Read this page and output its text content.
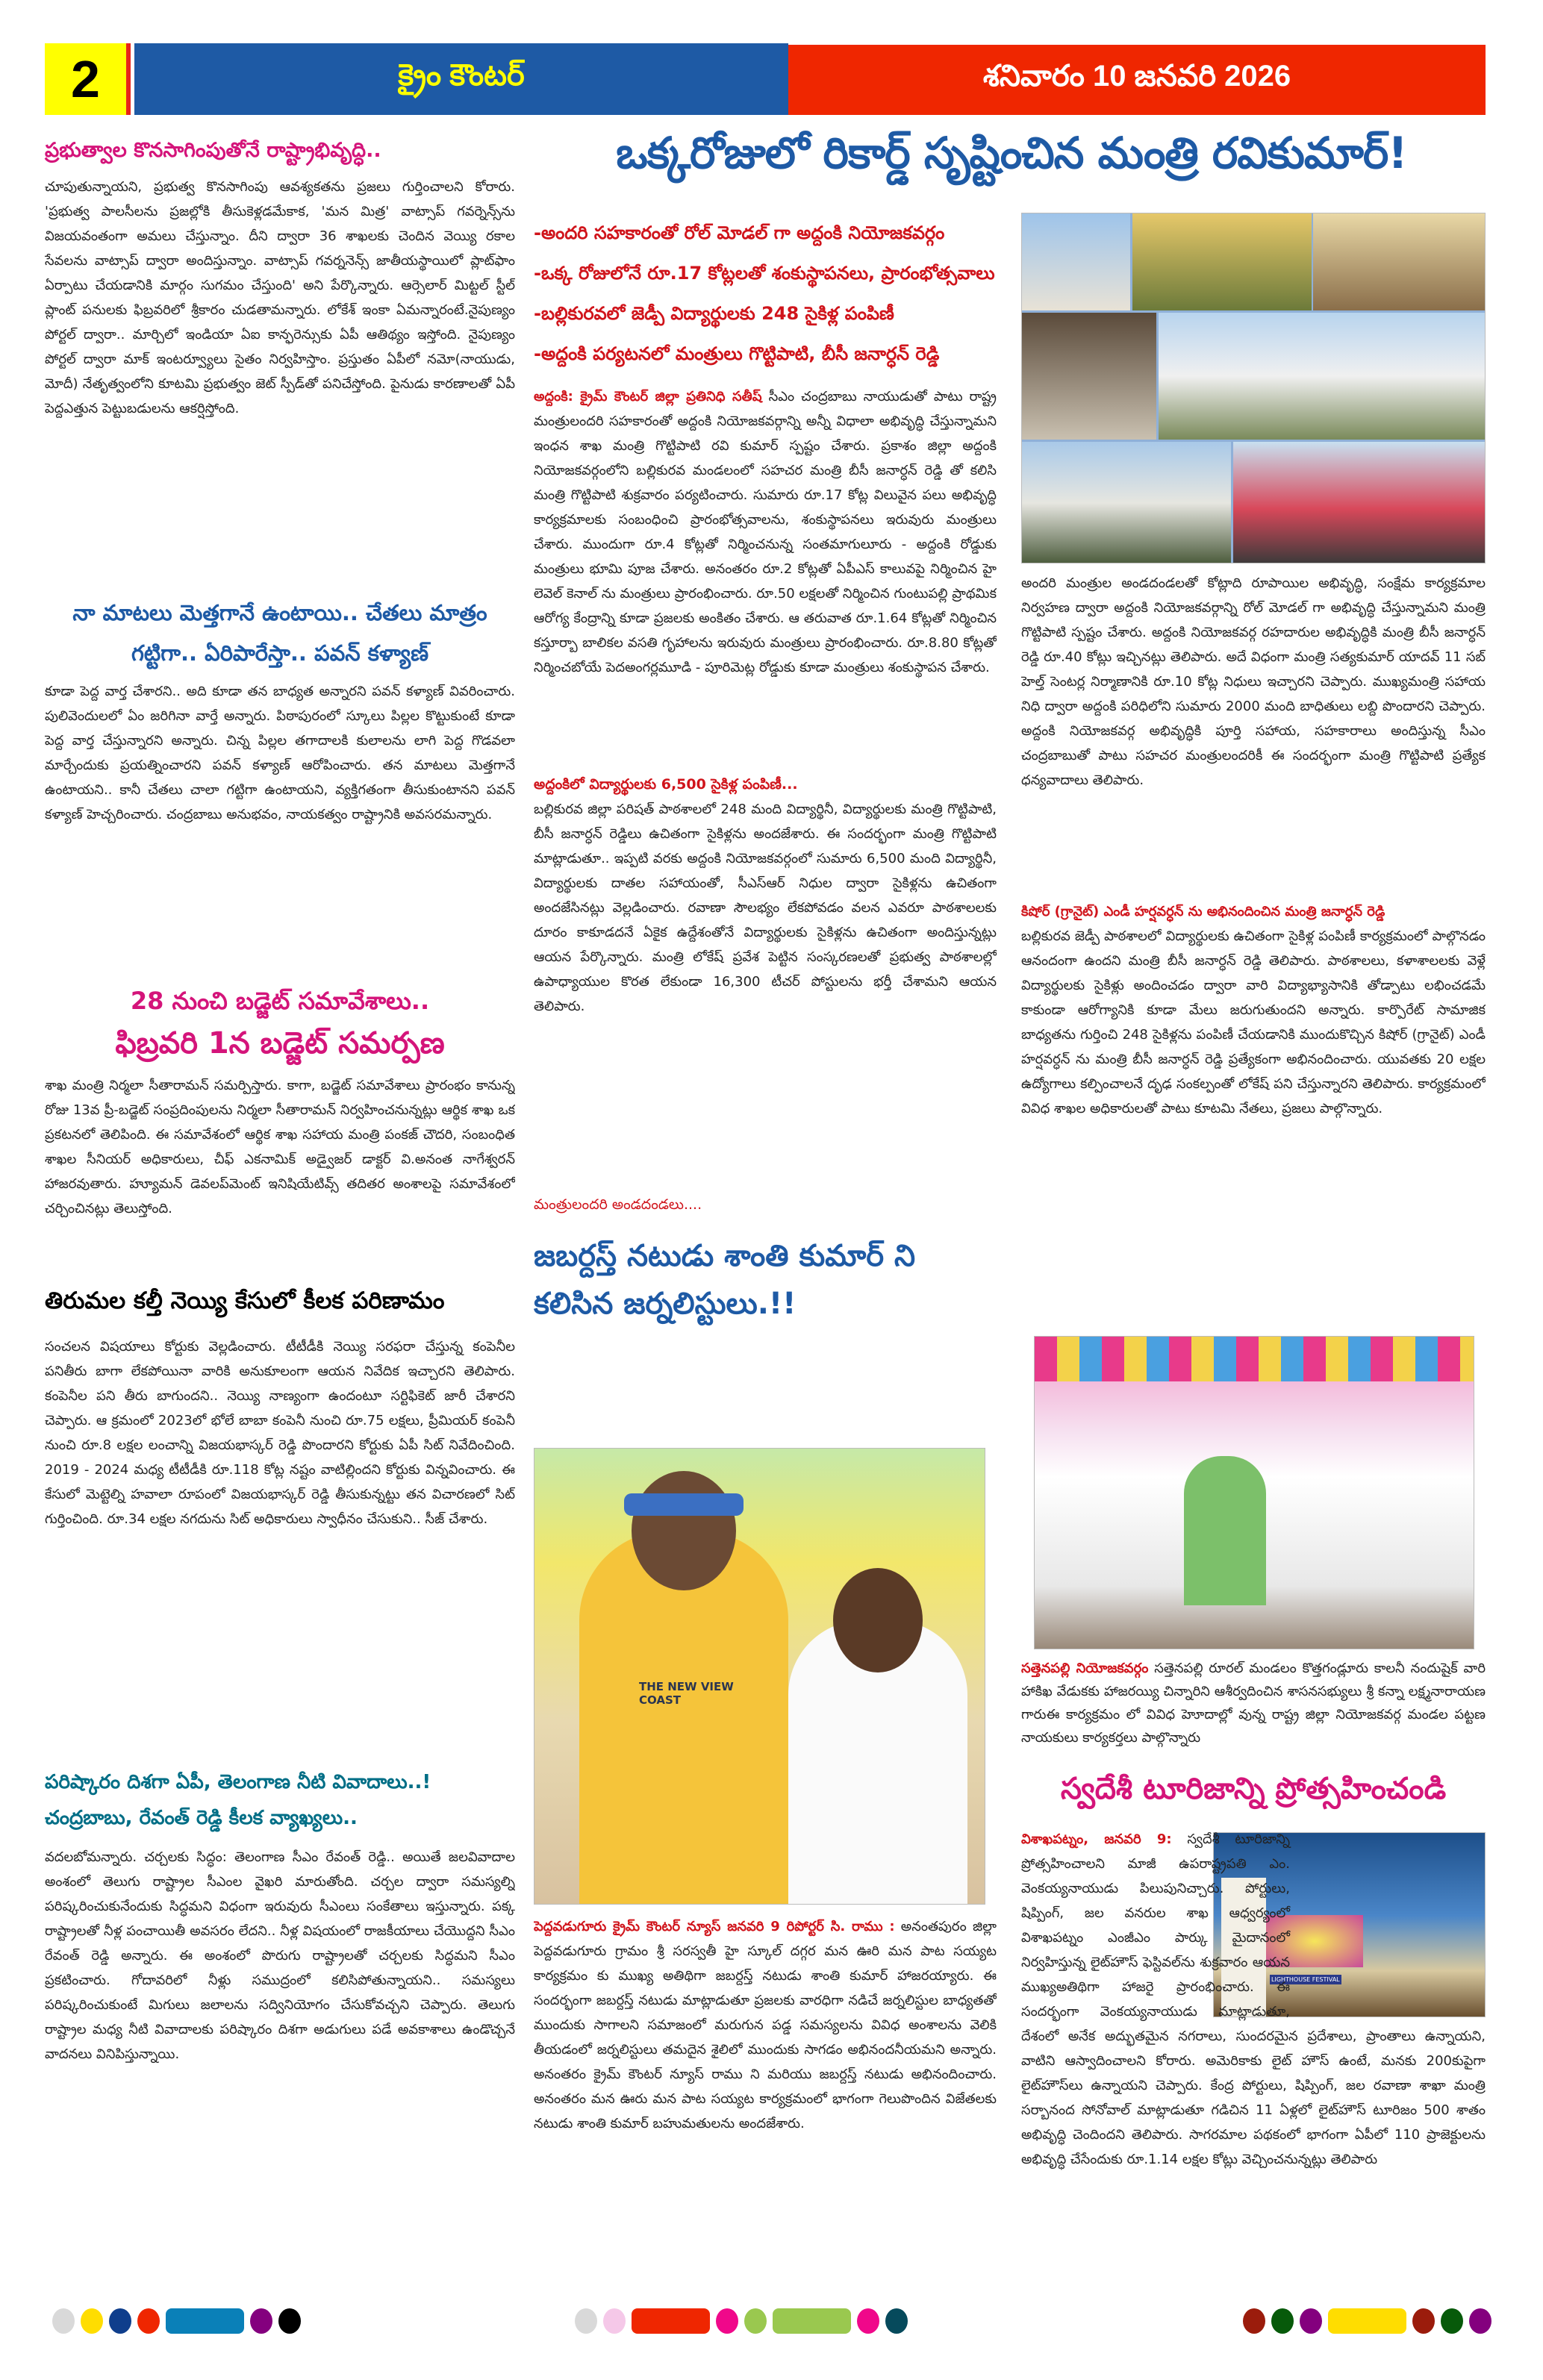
2	క్రైం కౌంటర్	శనివారం 10 జనవరి 2026
ఒక్కరోజులో రికార్డ్ సృష్టించిన మంత్రి రవికుమార్!
ప్రభుత్వాల కొనసాగింపుతోనే రాష్ట్రాభివృద్ధి..

చూపుతున్నాయని, ప్రభుత్వ కొనసాగింపు ఆవశ్యకతను ప్రజలు గుర్తించాలని కోరారు. 'ప్రభుత్వ పాలసీలను ప్రజల్లోకి తీసుకెళ్లడమేకాక, 'మన మిత్ర' వాట్సాప్ గవర్నెన్స్‌ను విజయవంతంగా అమలు చేస్తున్నాం. దీని ద్వారా 36 శాఖలకు చెందిన వెయ్యి రకాల సేవలను వాట్సాప్ ద్వారా అందిస్తున్నాం. వాట్సాప్ గవర్ననెన్స్ జాతీయస్థాయిలో ప్లాట్‌ఫాం ఏర్పాటు చేయడానికి మార్గం సుగమం చేస్తుంది' అని పేర్కొన్నారు. ఆర్సెలార్ మిట్టల్ స్టీల్ ప్లాంట్ పనులకు ఫిబ్రవరిలో శ్రీకారం చుడతామన్నారు. లోకేశ్ ఇంకా ఏమన్నారంటే.నైపుణ్యం పోర్టల్ ద్వారా.. మార్చిలో ఇండియా ఏఐ కాన్ఫరెన్సుకు ఏపీ ఆతిథ్యం ఇస్తోంది. నైపుణ్యం పోర్టల్ ద్వారా మాక్ ఇంటర్వ్యూలు సైతం నిర్వహిస్తాం. ప్రస్తుతం ఏపీలో నమో(నాయుడు, మోదీ) నేతృత్వంలోని కూటమి ప్రభుత్వం జెట్ స్పీడ్‌తో పనిచేస్తోంది. పైనుడు కారణాలతో ఏపీ పెద్దఎత్తున పెట్టుబడులను ఆకర్షిస్తోంది.

నా మాటలు మెత్తగానే ఉంటాయి.. చేతలు మాత్రం గట్టిగా.. ఏరిపారేస్తా.. పవన్ కళ్యాణ్

కూడా పెద్ద వార్త చేశారని.. అది కూడా తన బాధ్యత అన్నారని పవన్ కళ్యాణ్ వివరించారు. పులివెందులలో ఏం జరిగినా వార్తే అన్నారు. పిఠాపురంలో స్కూలు పిల్లల కొట్టుకుంటే కూడా పెద్ద వార్త చేస్తున్నారని అన్నారు. చిన్న పిల్లల తగాదాలకి కులాలను లాగి పెద్ద గొడవలా మార్చేందుకు ప్రయత్నించారని పవన్ కళ్యాణ్ ఆరోపించారు. తన మాటలు మెత్తగానే ఉంటాయని.. కానీ చేతలు చాలా గట్టిగా ఉంటాయని, వ్యక్తిగతంగా తీసుకుంటానని పవన్ కళ్యాణ్ హెచ్చరించారు. చంద్రబాబు అనుభవం, నాయకత్వం రాష్ట్రానికి అవసరమన్నారు.

28 నుంచి బడ్జెట్ సమావేశాలు..
ఫిబ్రవరి 1న బడ్జెట్ సమర్పణ

శాఖ మంత్రి నిర్మలా సీతారామన్ సమర్పిస్తారు. కాగా, బడ్జెట్ సమావేశాలు ప్రారంభం కానున్న రోజు 13వ ప్రీ-బడ్జెట్ సంప్రదింపులను నిర్మలా సీతారామన్ నిర్వహించనున్నట్లు ఆర్థిక శాఖ ఒక ప్రకటనలో తెలిపింది. ఈ సమావేశంలో ఆర్థిక శాఖ సహాయ మంత్రి పంకజ్ చౌదరి, సంబంధిత శాఖల సీనియర్ అధికారులు, చీఫ్ ఎకనామిక్ అడ్వైజర్ డాక్టర్ వి.అనంత నాగేశ్వరన్ హాజరవుతారు. హ్యూమన్ డెవలప్‌మెంట్ ఇనిషియేటివ్స్ తదితర అంశాలపై సమావేశంలో చర్చించినట్లు తెలుస్తోంది.

తిరుమల కల్తీ నెయ్యి కేసులో కీలక పరిణామం

సంచలన విషయాలు కోర్టుకు వెల్లడించారు. టీటీడీకి నెయ్యి సరఫరా చేస్తున్న కంపెనీల పనితీరు బాగా లేకపోయినా వారికి అనుకూలంగా ఆయన నివేదిక ఇచ్చారని తెలిపారు. కంపెనీల పని తీరు బాగుందని.. నెయ్యి నాణ్యంగా ఉందంటూ సర్టిఫికెట్ జారీ చేశారని చెప్పారు. ఆ క్రమంలో 2023లో భోలే బాబా కంపెనీ నుంచి రూ.75 లక్షలు, ప్రీమియర్ కంపెనీ నుంచి రూ.8 లక్షల లంచాన్ని విజయభాస్కర్ రెడ్డి పొందారని కోర్టుకు ఏపీ సిట్ నివేదించింది. 2019 - 2024 మధ్య టీటీడీకి రూ.118 కోట్ల నష్టం వాటిల్లిందని కోర్టుకు విన్నవించారు. ఈ కేసులో మెట్టెల్ని హవాలా రూపంలో విజయభాస్కర్ రెడ్డి తీసుకున్నట్టు తన విచారణలో సిట్ గుర్తించింది. రూ.34 లక్షల నగదును సిట్ అధికారులు స్వాధీనం చేసుకుని.. సీజ్ చేశారు.

పరిష్కారం దిశగా ఏపీ, తెలంగాణ నీటి వివాదాలు..!
చంద్రబాబు, రేవంత్ రెడ్డి కీలక వ్యాఖ్యలు..

వదలబోమన్నారు. చర్చలకు సిద్ధం: తెలంగాణ సీఎం రేవంత్ రెడ్డి.. అయితే జలవివాదాల అంశంలో తెలుగు రాష్ట్రాల సీఎంల వైఖరి మారుతోంది. చర్చల ద్వారా సమస్యల్ని పరిష్కరించుకునేందుకు సిద్ధమని విధంగా ఇరువురు సీఎంలు సంకేతాలు ఇస్తున్నారు. పక్క రాష్ట్రాలతో నీళ్ల పంచాయితీ అవసరం లేదని.. నీళ్ల విషయంలో రాజకీయాలు చేయొద్దని సీఎం రేవంత్ రెడ్డి అన్నారు. ఈ అంశంలో పొరుగు రాష్ట్రాలతో చర్చలకు సిద్ధమని సీఎం ప్రకటించారు. గోదావరిలో నీళ్లు సముద్రంలో కలిసిపోతున్నాయని.. సమస్యలు పరిష్కరించుకుంటే మిగులు జలాలను సద్వినియోగం చేసుకోవచ్చని చెప్పారు. తెలుగు రాష్ట్రాల మధ్య నీటి వివాదాలకు పరిష్కారం దిశగా అడుగులు పడే అవకాశాలు ఉండొచ్చనే వాదనలు వినిపిస్తున్నాయి.

-అందరి సహకారంతో రోల్ మోడల్ గా అద్దంకి నియోజకవర్గం
-ఒక్క రోజులోనే రూ.17 కోట్లలతో శంకుస్థాపనలు, ప్రారంభోత్సవాలు
-బల్లికురవలో జెడ్పీ విద్యార్థులకు 248 సైకిళ్ల పంపిణీ
-అద్దంకి పర్యటనలో మంత్రులు గొట్టిపాటి, బీసీ జనార్ధన్ రెడ్డి

అద్దంకి: క్రైమ్ కౌంటర్ జిల్లా ప్రతినిధి సతీష్ సీఎం చంద్రబాబు నాయుడుతో పాటు రాష్ట్ర మంత్రులందరి సహకారంతో అద్దంకి నియోజకవర్గాన్ని అన్నీ విధాలా అభివృద్ధి చేస్తున్నామని ఇంధన శాఖ మంత్రి గొట్టిపాటి రవి కుమార్ స్పష్టం చేశారు. ప్రకాశం జిల్లా అద్దంకి నియోజకవర్గంలోని బల్లికురవ మండలంలో సహచర మంత్రి బీసీ జనార్ధన్ రెడ్డి తో కలిసి మంత్రి గొట్టిపాటి శుక్రవారం పర్యటించారు. సుమారు రూ.17 కోట్ల విలువైన పలు అభివృద్ధి కార్యక్రమాలకు సంబంధించి ప్రారంభోత్సవాలను, శంకుస్థాపనలు ఇరువురు మంత్రులు చేశారు. ముందుగా రూ.4 కోట్లతో నిర్మించనున్న సంతమాగులూరు - అద్దంకి రోడ్డుకు మంత్రులు భూమి పూజ చేశారు. అనంతరం రూ.2 కోట్లతో ఏపీఎస్ కాలువపై నిర్మించిన హై లెవెల్ కెనాల్ ను మంత్రులు ప్రారంభించారు. రూ.50 లక్షలతో నిర్మించిన గుంటుపల్లి ప్రాథమిక ఆరోగ్య కేంద్రాన్ని కూడా ప్రజలకు అంకితం చేశారు. ఆ తరువాత రూ.1.64 కోట్లతో నిర్మించిన కస్తూర్బా బాలికల వసతి గృహాలను ఇరువురు మంత్రులు ప్రారంభించారు. రూ.8.80 కోట్లతో నిర్మించబోయే పెదఅంగర్లమూడి - పూరిమెట్ల రోడ్డుకు కూడా మంత్రులు శంకుస్థాపన చేశారు.

అద్దంకిలో విద్యార్థులకు 6,500 సైకిళ్ల పంపిణీ...

బల్లికురవ జిల్లా పరిషత్ పాఠశాలలో 248 మంది విద్యార్థినీ, విద్యార్థులకు మంత్రి గొట్టిపాటి, బీసీ జనార్ధన్ రెడ్డిలు ఉచితంగా సైకిళ్లను అందజేశారు. ఈ సందర్భంగా మంత్రి గొట్టిపాటి మాట్లాడుతూ.. ఇప్పటి వరకు అద్దంకి నియోజకవర్గంలో సుమారు 6,500 మంది విద్యార్థినీ, విద్యార్థులకు దాతల సహాయంతో, సీఎస్ఆర్ నిధుల ద్వారా సైకిళ్లను ఉచితంగా అందజేసినట్లు వెల్లడించారు. రవాణా సౌలభ్యం లేకపోవడం వలన ఎవరూ పాఠశాలలకు దూరం కాకూడదనే ఏకైక ఉద్దేశంతోనే విద్యార్థులకు సైకిళ్లను ఉచితంగా అందిస్తున్నట్లు ఆయన పేర్కొన్నారు. మంత్రి లోకేష్ ప్రవేశ పెట్టిన సంస్కరణలతో ప్రభుత్వ పాఠశాలల్లో ఉపాధ్యాయుల కొరత లేకుండా 16,300 టీచర్ పోస్టులను భర్తీ చేశామని ఆయన తెలిపారు.

మంత్రులందరి అండదండలు....
జబర్దస్త్ నటుడు శాంతి కుమార్ ని కలిసిన జర్నలిస్టులు.!!
THE NEW VIEW COAST

పెద్దవడుగూరు క్రైమ్ కౌంటర్ న్యూస్ జనవరి 9 రిపోర్టర్ సి. రాము : అనంతపురం జిల్లా పెద్దవడుగూరు గ్రామం శ్రీ సరస్వతీ హై స్కూల్ దగ్గర మన ఊరి మన పాట సయ్యట కార్యక్రమం కు ముఖ్య అతిథిగా జబర్దస్త్ నటుడు శాంతి కుమార్ హాజరయ్యారు. ఈ సందర్భంగా జబర్దస్త్ నటుడు మాట్లాడుతూ ప్రజలకు వారధిగా నడిచే జర్నలిస్టుల బాధ్యతతో ముందుకు సాగాలని సమాజంలో మరుగున పడ్డ సమస్యలను వివిధ అంశాలను వెలికి తీయడంలో జర్నలిస్టులు తమదైన శైలిలో ముందుకు సాగడం అభినందనీయమని అన్నారు. అనంతరం క్రైమ్ కౌంటర్ న్యూస్ రాము ని మరియు జబర్దస్త్ నటుడు అభినందించారు. అనంతరం మన ఊరు మన పాట సయ్యట కార్యక్రమంలో భాగంగా గెలుపొందిన విజేతలకు నటుడు శాంతి కుమార్ బహుమతులను అందజేశారు.

అందరి మంత్రుల అండదండలతో కోట్లాది రూపాయిల అభివృద్ధి, సంక్షేమ కార్యక్రమాల నిర్వహణ ద్వారా అద్దంకి నియోజకవర్గాన్ని రోల్ మోడల్ గా అభివృద్ధి చేస్తున్నామని మంత్రి గొట్టిపాటి స్పష్టం చేశారు. అద్దంకి నియోజకవర్గ రహదారుల అభివృద్ధికి మంత్రి బీసీ జనార్ధన్ రెడ్డి రూ.40 కోట్లు ఇచ్చినట్లు తెలిపారు. అదే విధంగా మంత్రి సత్యకుమార్ యాదవ్ 11 సబ్ హెల్త్ సెంటర్ల నిర్మాణానికి రూ.10 కోట్ల నిధులు ఇచ్చారని చెప్పారు. ముఖ్యమంత్రి సహాయ నిధి ద్వారా అద్దంకి పరిధిలోని సుమారు 2000 మంది బాధితులు లబ్ది పొందారని చెప్పారు. అద్దంకి నియోజకవర్గ అభివృద్ధికి పూర్తి సహాయ, సహకారాలు అందిస్తున్న సీఎం చంద్రబాబుతో పాటు సహచర మంత్రులందరికీ ఈ సందర్భంగా మంత్రి గొట్టిపాటి ప్రత్యేక ధన్యవాదాలు తెలిపారు.

కిషోర్ (గ్రానైట్) ఎండీ హర్షవర్ధన్ ను అభినందించిన మంత్రి జనార్ధన్ రెడ్డి

బల్లికురవ జెడ్పీ పాఠశాలలో విద్యార్థులకు ఉచితంగా సైకిళ్ల పంపిణీ కార్యక్రమంలో పాల్గొనడం ఆనందంగా ఉందని మంత్రి బీసీ జనార్ధన్ రెడ్డి తెలిపారు. పాఠశాలలు, కళాశాలలకు వెళ్లే విద్యార్థులకు సైకిళ్లు అందించడం ద్వారా వారి విద్యాభ్యాసానికి తోడ్పాటు లభించడమే కాకుండా ఆరోగ్యానికి కూడా మేలు జరుగుతుందని అన్నారు. కార్పొరేట్ సామాజిక బాధ్యతను గుర్తించి 248 సైకిళ్లను పంపిణీ చేయడానికి ముందుకొచ్చిన కిషోర్ (గ్రానైట్) ఎండీ హర్షవర్ధన్ ను మంత్రి బీసీ జనార్ధన్ రెడ్డి ప్రత్యేకంగా అభినందించారు. యువతకు 20 లక్షల ఉద్యోగాలు కల్పించాలనే దృఢ సంకల్పంతో లోకేష్ పని చేస్తున్నారని తెలిపారు. కార్యక్రమంలో వివిధ శాఖల అధికారులతో పాటు కూటమి నేతలు, ప్రజలు పాల్గొన్నారు.

సత్తెనపల్లి నియోజకవర్గం సత్తెనపల్లి రూరల్ మండలం కొత్తగండ్లూరు కాలనీ నందుషైక్ వారి హాకిఖ వేడుకకు హాజరయ్యి చిన్నారిని ఆశీర్వదించిన శాసనసభ్యులు శ్రీ కన్నా లక్ష్మనారాయణ గారుఈ కార్యక్రమం లో వివిధ హెూదాల్లో వున్న రాష్ట్ర జిల్లా నియోజకవర్గ మండల పట్టణ నాయకులు కార్యకర్తలు పాల్గొన్నారు

స్వదేశీ టూరిజాన్ని ప్రోత్సహించండి
LIGHTHOUSE FESTIVAL

విశాఖపట్నం, జనవరి 9: స్వదేశీ టూరిజాన్ని ప్రోత్సహించాలని మాజీ ఉపరాష్ట్రపతి ఎం. వెంకయ్యనాయుడు పిలుపునిచ్చారు. పోర్టులు, షిప్పింగ్, జల వనరుల శాఖ ఆధ్వర్యంలో విశాఖపట్నం ఎంజీఎం పార్కు మైదానంలో నిర్వహిస్తున్న లైట్‌హౌస్ ఫెస్టివల్‌ను శుక్రవారం ఆయన ముఖ్యఅతిథిగా హాజరై ప్రారంభించారు. ఈ సందర్భంగా వెంకయ్యనాయుడు మాట్లాడుతూ, దేశంలో అనేక అద్భుతమైన నగరాలు, సుందరమైన ప్రదేశాలు, ప్రాంతాలు ఉన్నాయని, వాటిని ఆస్వాదించాలని కోరారు. అమెరికాకు లైట్ హౌస్ ఉంటే, మనకు 200కుపైగా లైట్‌హౌస్‌లు ఉన్నాయని చెప్పారు. కేంద్ర పోర్టులు, షిప్పింగ్, జల రవాణా శాఖా మంత్రి సర్బానంద సోనోవాల్ మాట్లాడుతూ గడిచిన 11 ఏళ్లలో లైట్‌హౌస్ టూరిజం 500 శాతం అభివృద్ధి చెందిందని తెలిపారు. సాగరమాల పథకంలో భాగంగా ఏపీలో 110 ప్రాజెక్టులను అభివృద్ధి చేసేందుకు రూ.1.14 లక్షల కోట్లు వెచ్చించనున్నట్లు తెలిపారు
